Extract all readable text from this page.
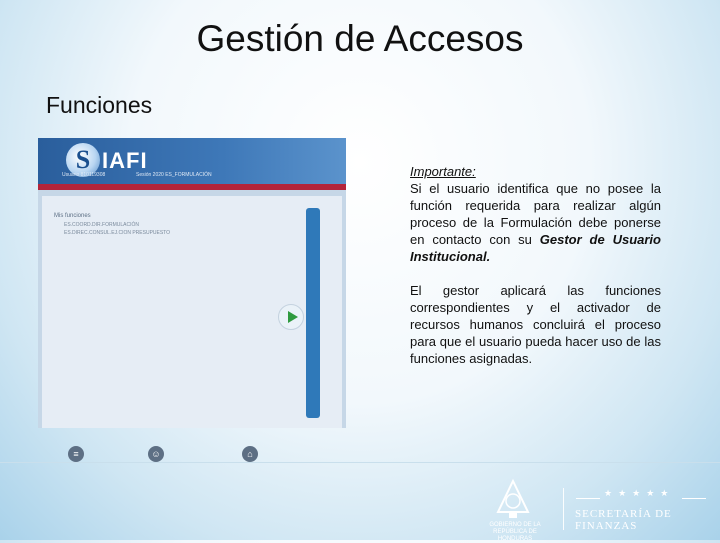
Gestión de Accesos
Funciones
S IAFI
Usuario 810119308	Sesión 2020 ES_FORMULACIÓN
Mis funciones
ES.COORD.DIR.FORMULACIÓN
ES.DIREC.CONSUL.EJ.CION PRESUPUESTO
≡	☺	⌂
Importante:
Si el usuario identifica que no posee la función requerida para realizar algún proceso de la Formulación debe ponerse en contacto con su Gestor de Usuario Institucional.
El gestor aplicará las funciones correspondientes y el activador de recursos humanos concluirá el proceso para que el usuario pueda hacer uso de las funciones asignadas.
GOBIERNO DE LA
REPÚBLICA DE HONDURAS
★★★★★
SECRETARÍA DE FINANZAS
